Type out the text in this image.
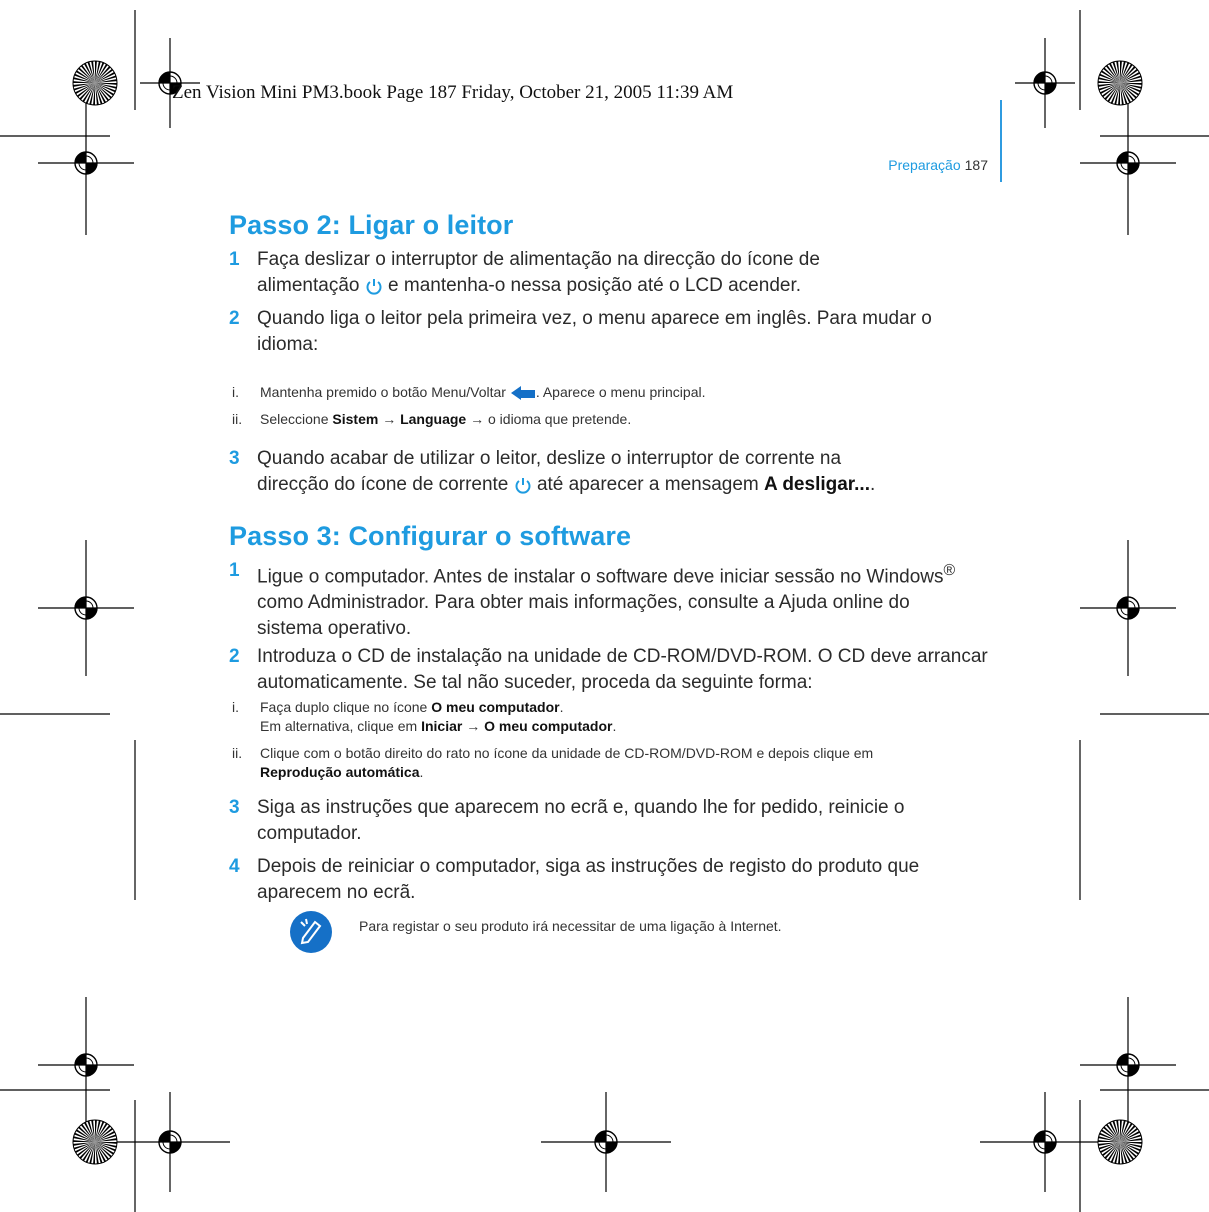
Zen Vision Mini PM3.book Page 187 Friday, October 21, 2005 11:39 AM
Preparação 187
Passo 2: Ligar o leitor
1 Faça deslizar o interruptor de alimentação na direcção do ícone de
alimentação e mantenha-o nessa posição até o LCD acender.
2 Quando liga o leitor pela primeira vez, o menu aparece em inglês. Para mudar o idioma:
i. Mantenha premido o botão Menu/Voltar . Aparece o menu principal.
ii. Seleccione Sistem → Language → o idioma que pretende.
3 Quando acabar de utilizar o leitor, deslize o interruptor de corrente na
direcção do ícone de corrente até aparecer a mensagem A desligar....
Passo 3: Configurar o software
1 Ligue o computador. Antes de instalar o software deve iniciar sessão no Windows® como Administrador. Para obter mais informações, consulte a Ajuda online do sistema operativo.
2 Introduza o CD de instalação na unidade de CD-ROM/DVD-ROM. O CD deve arrancar automaticamente. Se tal não suceder, proceda da seguinte forma:
i. Faça duplo clique no ícone O meu computador.
Em alternativa, clique em Iniciar → O meu computador.
ii. Clique com o botão direito do rato no ícone da unidade de CD-ROM/DVD-ROM e depois clique em Reprodução automática.
3 Siga as instruções que aparecem no ecrã e, quando lhe for pedido, reinicie o computador.
4 Depois de reiniciar o computador, siga as instruções de registo do produto que aparecem no ecrã.
Para registar o seu produto irá necessitar de uma ligação à Internet.
